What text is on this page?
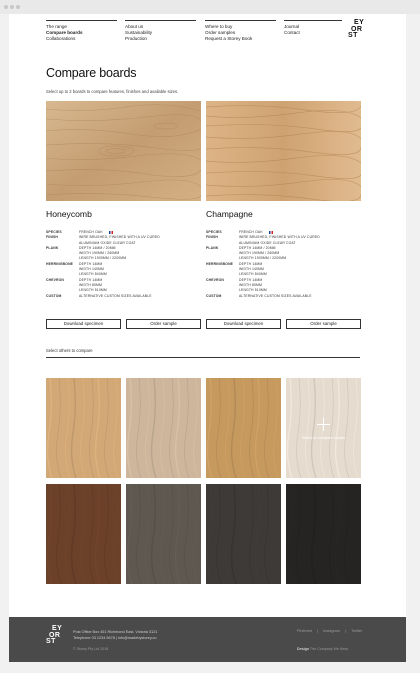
The range
Compare boards
Collaborations
About us
Sustainability
Production
Where to buy
Order samples
Request a Storey Book
Journal
Contact
EY
OR
ST
Compare boards

Select up to 2 boards to compare features, finishes and available sizes.

Honeycomb
SPECIES	FRENCH OAK
FINISH	WIRE BRUSHED, FINISHED WITH A UV CURED
ALUMINIUM OXIDE CLEAR COAT
PLANK	DEPTH 14MM / 20MM
WIDTH 190MM / 260MM
LENGTH 1900MM / 2200MM
HERRINGBONE	DEPTH 14MM
WIDTH 140MM
LENGTH 840MM
CHEVRON	DEPTH 14MM
WIDTH 80MM
LENGTH 510MM
CUSTOM	ALTERNATIVE CUSTOM SIZES AVAILABLE
Download specimen	Order sample
Champagne
SPECIES	FRENCH OAK
FINISH	WIRE BRUSHED, FINISHED WITH A UV CURED
ALUMINIUM OXIDE CLEAR COAT
PLANK	DEPTH 14MM / 20MM
WIDTH 190MM / 260MM
LENGTH 1900MM / 2200MM
HERRINGBONE	DEPTH 14MM
WIDTH 140MM
LENGTH 840MM
CHEVRON	DEPTH 14MM
WIDTH 80MM
LENGTH 510MM
CUSTOM	ALTERNATIVE CUSTOM SIZES AVAILABLE
Download specimen	Order sample

Select others to compare

Select to compare boards
EY
OR
ST
Post Office Box 451 Richmond East, Victoria 3121
Telephone 03 1234 5678 | info@madebystorey.co
© Storey Pty Ltd 2018
Pinterest | Instagram | Twitter
Design The Company We Keep
